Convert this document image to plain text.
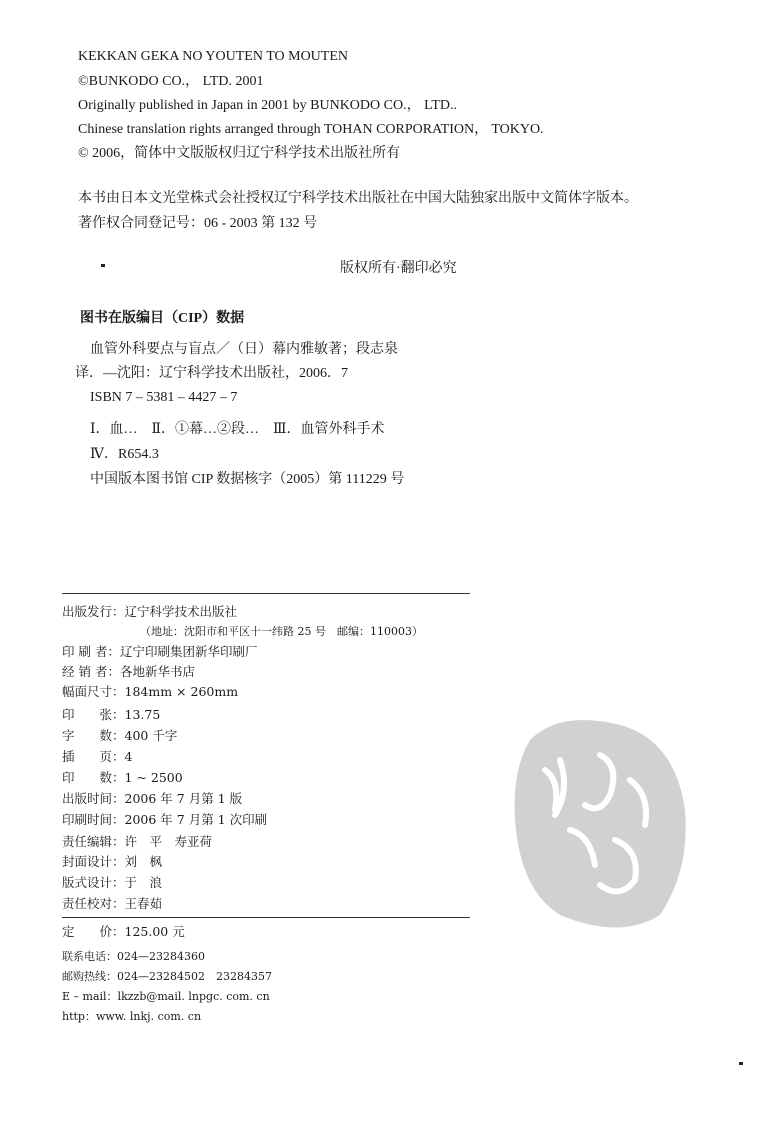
KEKKAN GEKA NO YOUTEN TO MOUTEN
©BUNKODO CO.， LTD. 2001
Originally published in Japan in 2001 by BUNKODO CO.， LTD..
Chinese translation rights arranged through TOHAN CORPORATION， TOKYO.
© 2006，简体中文版版权归辽宁科学技术出版社所有
本书由日本文光堂株式会社授权辽宁科学技术出版社在中国大陆独家出版中文简体字版本。
著作权合同登记号：06 - 2003 第 132 号
版权所有·翻印必究
图书在版编目（CIP）数据
血管外科要点与盲点／（日）幕内雅敏著；段志泉
译．—沈阳：辽宁科学技术出版社，2006．7
ISBN 7 – 5381 – 4427 – 7
Ⅰ．血…　Ⅱ．①幕…②段…　Ⅲ．血管外科手术
Ⅳ．R654.3
中国版本图书馆 CIP 数据核字（2005）第 111229 号
出版发行：辽宁科学技术出版社
（地址：沈阳市和平区十一纬路 25 号　邮编：110003）
印 刷 者：辽宁印刷集团新华印刷厂
经 销 者：各地新华书店
幅面尺寸：184mm × 260mm
印　　张：13.75
字　　数：400 千字
插　　页：4
印　　数：1 ~ 2500
出版时间：2006 年 7 月第 1 版
印刷时间：2006 年 7 月第 1 次印刷
责任编辑：许　平　寿亚荷
封面设计：刘　枫
版式设计：于　浪
责任校对：王春茹
定　　价：125.00 元
联系电话：024—23284360
邮购热线：024—23284502　23284357
E – mail：lkzzb@mail. lnpgc. com. cn
http：www. lnkj. com. cn
